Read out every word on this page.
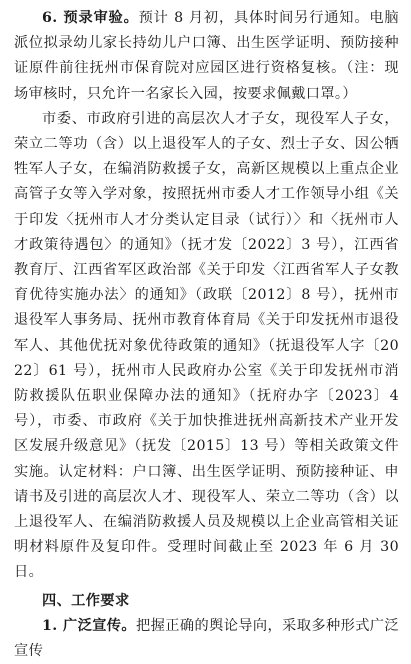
6. 预录审验。预计 8 月初，具体时间另行通知。电脑派位拟录幼儿家长持幼儿户口簿、出生医学证明、预防接种证原件前往抚州市保育院对应园区进行资格复核。（注：现场审核时，只允许一名家长入园，按要求佩戴口罩。）

市委、市政府引进的高层次人才子女，现役军人子女，荣立二等功（含）以上退役军人的子女、烈士子女、因公牺牲军人子女，在编消防救援子女，高新区规模以上重点企业高管子女等入学对象，按照抚州市委人才工作领导小组《关于印发〈抚州市人才分类认定目录（试行）〉和〈抚州市人才政策待遇包〉的通知》（抚才发〔2022〕3 号），江西省教育厅、江西省军区政治部《关于印发〈江西省军人子女教育优待实施办法〉的通知》（政联〔2012〕8 号），抚州市退役军人事务局、抚州市教育体育局《关于印发抚州市退役军人、其他优抚对象优待政策的通知》（抚退役军人字〔2022〕61 号），抚州市人民政府办公室《关于印发抚州市消防救援队伍职业保障办法的通知》（抚府办字〔2023〕4 号），市委、市政府《关于加快推进抚州高新技术产业开发区发展升级意见》（抚发〔2015〕13 号）等相关政策文件实施。认定材料：户口簿、出生医学证明、预防接种证、申请书及引进的高层次人才、现役军人、荣立二等功（含）以上退役军人、在编消防救援人员及规模以上企业高管相关证明材料原件及复印件。受理时间截止至 2023 年 6 月 30 日。

四、工作要求

1. 广泛宣传。把握正确的舆论导向，采取多种形式广泛宣传
